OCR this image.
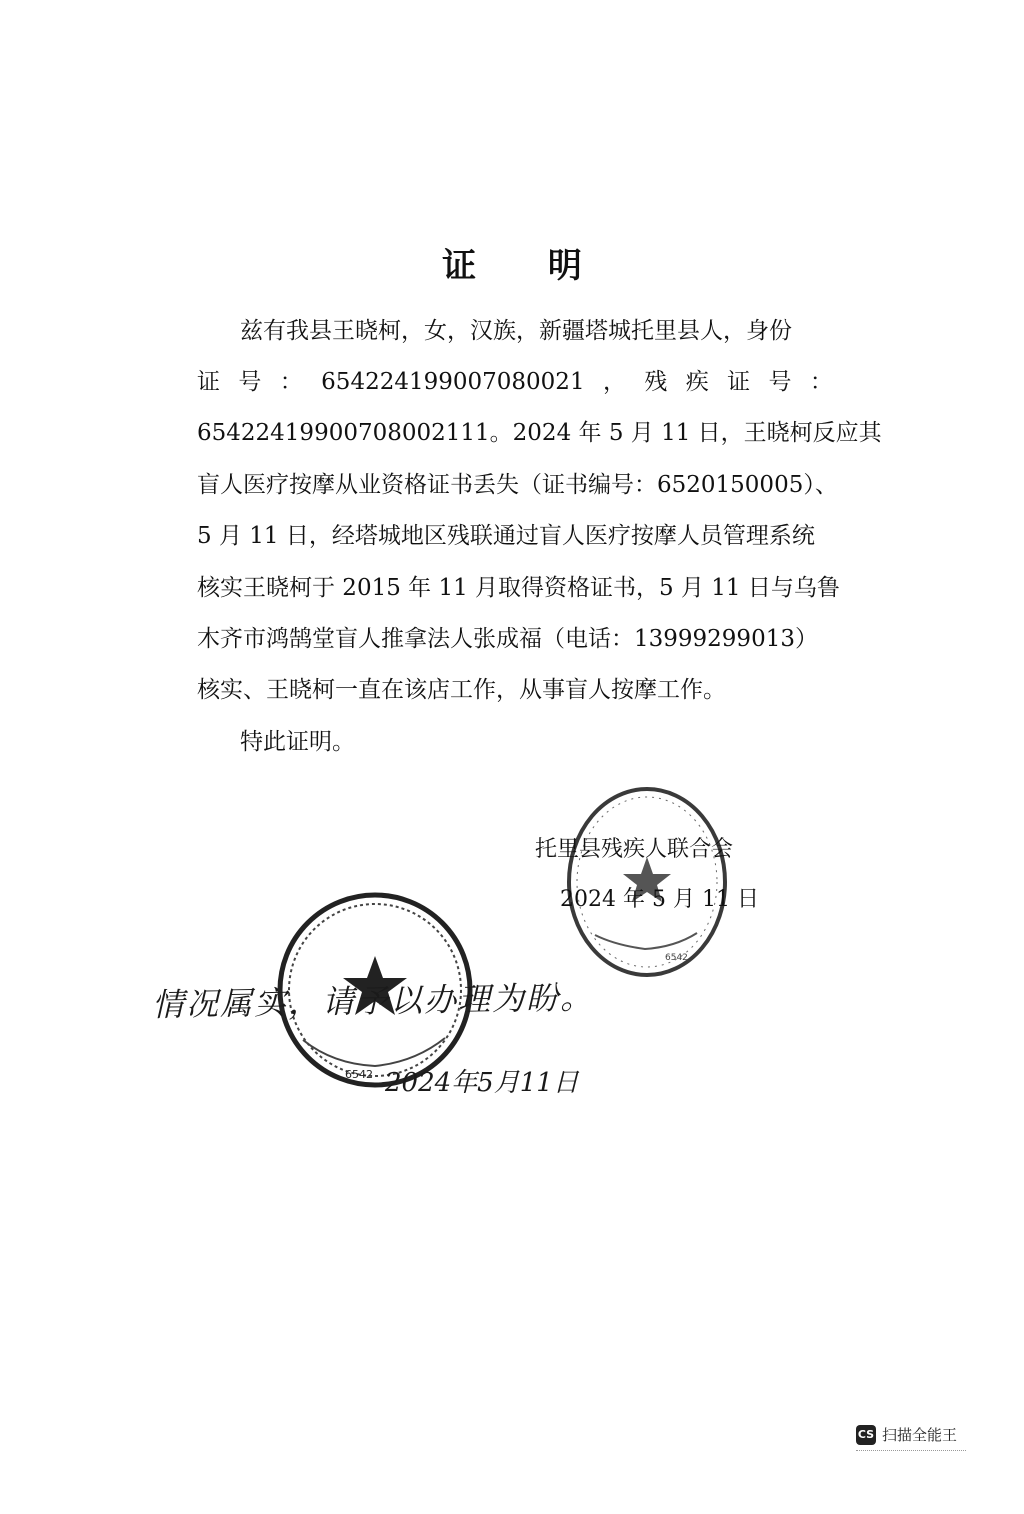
证 明
兹有我县王晓柯，女，汉族，新疆塔城托里县人，身份
证 号 ： 654224199007080021 ， 残 疾 证 号 ：
65422419900708002111。2024 年 5 月 11 日，王晓柯反应其
盲人医疗按摩从业资格证书丢失（证书编号：6520150005）、
5 月 11 日，经塔城地区残联通过盲人医疗按摩人员管理系统
核实王晓柯于 2015 年 11 月取得资格证书，5 月 11 日与乌鲁
木齐市鸿鹄堂盲人推拿法人张成福（电话：13999299013）
核实、王晓柯一直在该店工作，从事盲人按摩工作。
特此证明。
6542
托里县残疾人联合会
2024 年 5 月 11 日
6542
情况属实，请予以办理为盼。
2024年5月11日
CS 扫描全能王
